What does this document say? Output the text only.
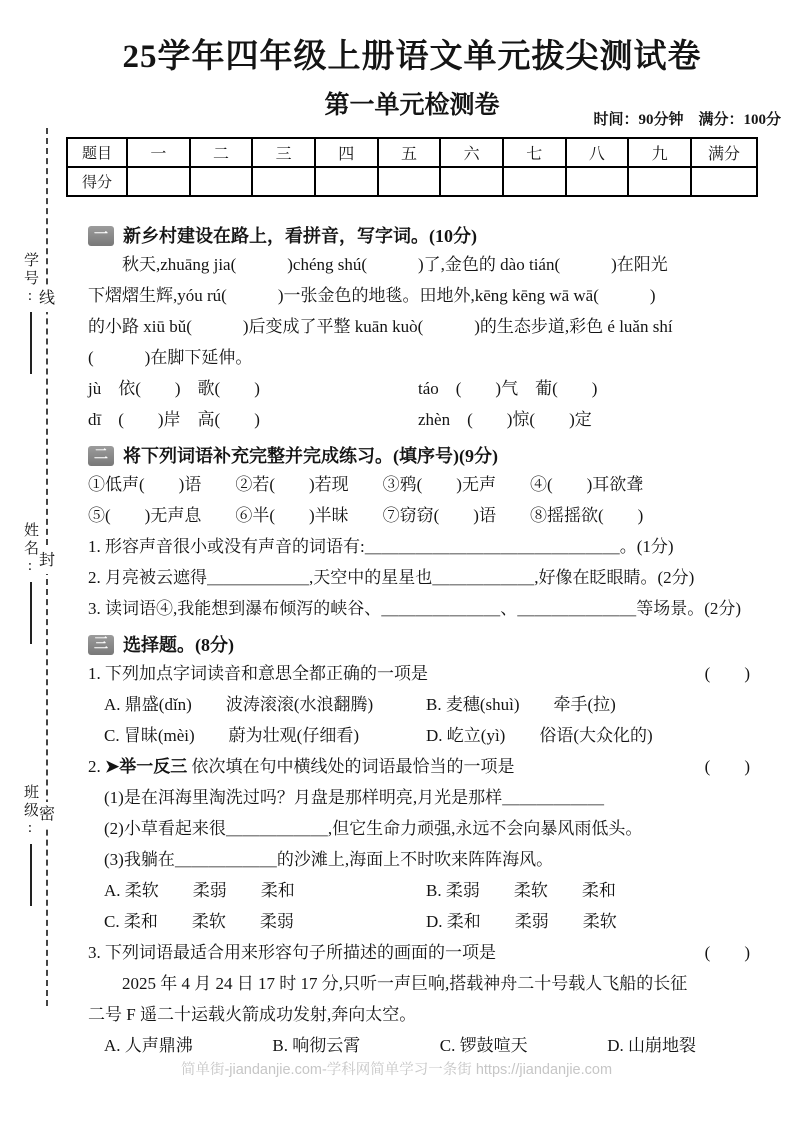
学号: 线
姓名: 封
班级: 密
时间：90分钟　满分：100分
25学年四年级上册语文单元拔尖测试卷
第一单元检测卷
题目	一	二	三	四	五	六	七	八	九	满分
得分										
一 新乡村建设在路上，看拼音，写字词。(10分)
秋天,zhuāng jia(　　　)chéng shú(　　　)了,金色的 dào tián(　　　)在阳光
下熠熠生辉,yóu rú(　　　)一张金色的地毯。田地外,kēng kēng wā wā(　　　)
的小路 xiū bǔ(　　　)后变成了平整 kuān kuò(　　　)的生态步道,彩色 é luǎn shí
(　　　)在脚下延伸。
jù　依(　　)　歌(　　)	táo　(　　)气　葡(　　)
dī　(　　)岸　高(　　)	zhèn　(　　)惊(　　)定
二 将下列词语补充完整并完成练习。(填序号)(9分)
①低声(　　)语　　②若(　　)若现　　③鸦(　　)无声　　④(　　)耳欲聋
⑤(　　)无声息　　⑥半(　　)半昧　　⑦窃窃(　　)语　　⑧摇摇欲(　　)
1. 形容声音很小或没有声音的词语有:＿＿＿＿＿＿＿＿＿＿＿＿＿＿＿。(1分)
2. 月亮被云遮得＿＿＿＿＿＿,天空中的星星也＿＿＿＿＿＿,好像在眨眼睛。(2分)
3. 读词语④,我能想到瀑布倾泻的峡谷、＿＿＿＿＿＿＿、＿＿＿＿＿＿＿等场景。(2分)
三 选择题。(8分)
1. 下列加点字词读音和意思全都正确的一项是	(　　)
A. 鼎盛(dǐn)　　波涛滚滚(水浪翻腾)	B. 麦穗(shuì)　　牵手(拉)
C. 冒昧(mèi)　　蔚为壮观(仔细看)	D. 屹立(yì)　　俗语(大众化的)
2. ➤举一反三 依次填在句中横线处的词语最恰当的一项是	(　　)
(1)是在洱海里淘洗过吗？月盘是那样明亮,月光是那样＿＿＿＿＿＿
(2)小草看起来很＿＿＿＿＿＿,但它生命力顽强,永远不会向暴风雨低头。
(3)我躺在＿＿＿＿＿＿的沙滩上,海面上不时吹来阵阵海风。
A. 柔软　　柔弱　　柔和	B. 柔弱　　柔软　　柔和
C. 柔和　　柔软　　柔弱	D. 柔和　　柔弱　　柔软
3. 下列词语最适合用来形容句子所描述的画面的一项是	(　　)
2025 年 4 月 24 日 17 时 17 分,只听一声巨响,搭载神舟二十号载人飞船的长征
二号 F 遥二十运载火箭成功发射,奔向太空。
A. 人声鼎沸	B. 响彻云霄	C. 锣鼓喧天	D. 山崩地裂
简单街-jiandanjie.com-学科网简单学习一条街 https://jiandanjie.com
